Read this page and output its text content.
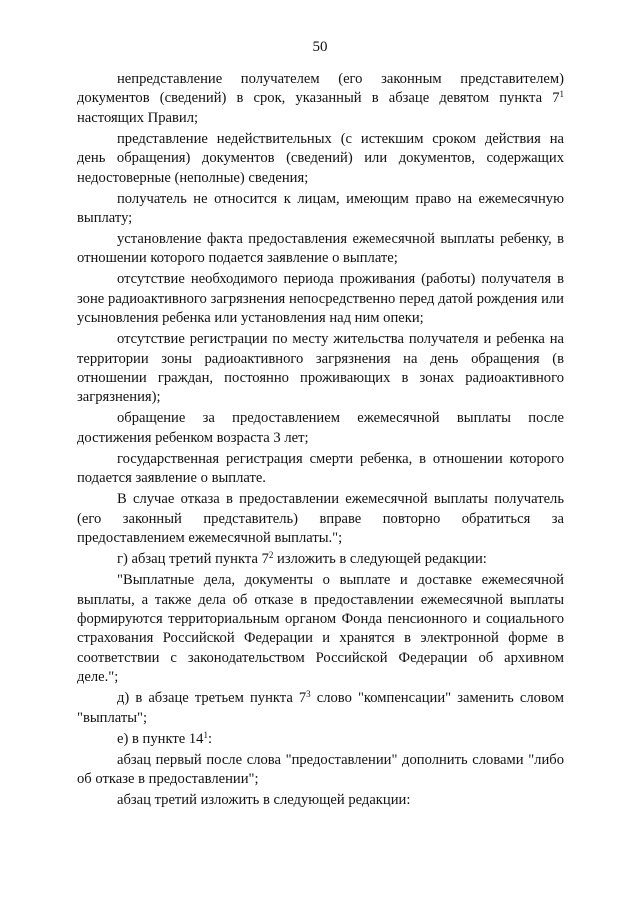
50

непредставление получателем (его законным представителем) документов (сведений) в срок, указанный в абзаце девятом пункта $7^1$ настоящих Правил;

представление недействительных (с истекшим сроком действия на день обращения) документов (сведений) или документов, содержащих недостоверные (неполные) сведения;

получатель не относится к лицам, имеющим право на ежемесячную выплату;

установление факта предоставления ежемесячной выплаты ребенку, в отношении которого подается заявление о выплате;

отсутствие необходимого периода проживания (работы) получателя в зоне радиоактивного загрязнения непосредственно перед датой рождения или усыновления ребенка или установления над ним опеки;

отсутствие регистрации по месту жительства получателя и ребенка на территории зоны радиоактивного загрязнения на день обращения (в отношении граждан, постоянно проживающих в зонах радиоактивного загрязнения);

обращение за предоставлением ежемесячной выплаты после достижения ребенком возраста 3 лет;

государственная регистрация смерти ребенка, в отношении которого подается заявление о выплате.

В случае отказа в предоставлении ежемесячной выплаты получатель (его законный представитель) вправе повторно обратиться за предоставлением ежемесячной выплаты.";

г) абзац третий пункта $7^2$ изложить в следующей редакции:

"Выплатные дела, документы о выплате и доставке ежемесячной выплаты, а также дела об отказе в предоставлении ежемесячной выплаты формируются территориальным органом Фонда пенсионного и социального страхования Российской Федерации и хранятся в электронной форме в соответствии с законодательством Российской Федерации об архивном деле.";

д) в абзаце третьем пункта $7^3$ слово "компенсации" заменить словом "выплаты";

е) в пункте $14^1$:

абзац первый после слова "предоставлении" дополнить словами "либо об отказе в предоставлении";

абзац третий изложить в следующей редакции:
